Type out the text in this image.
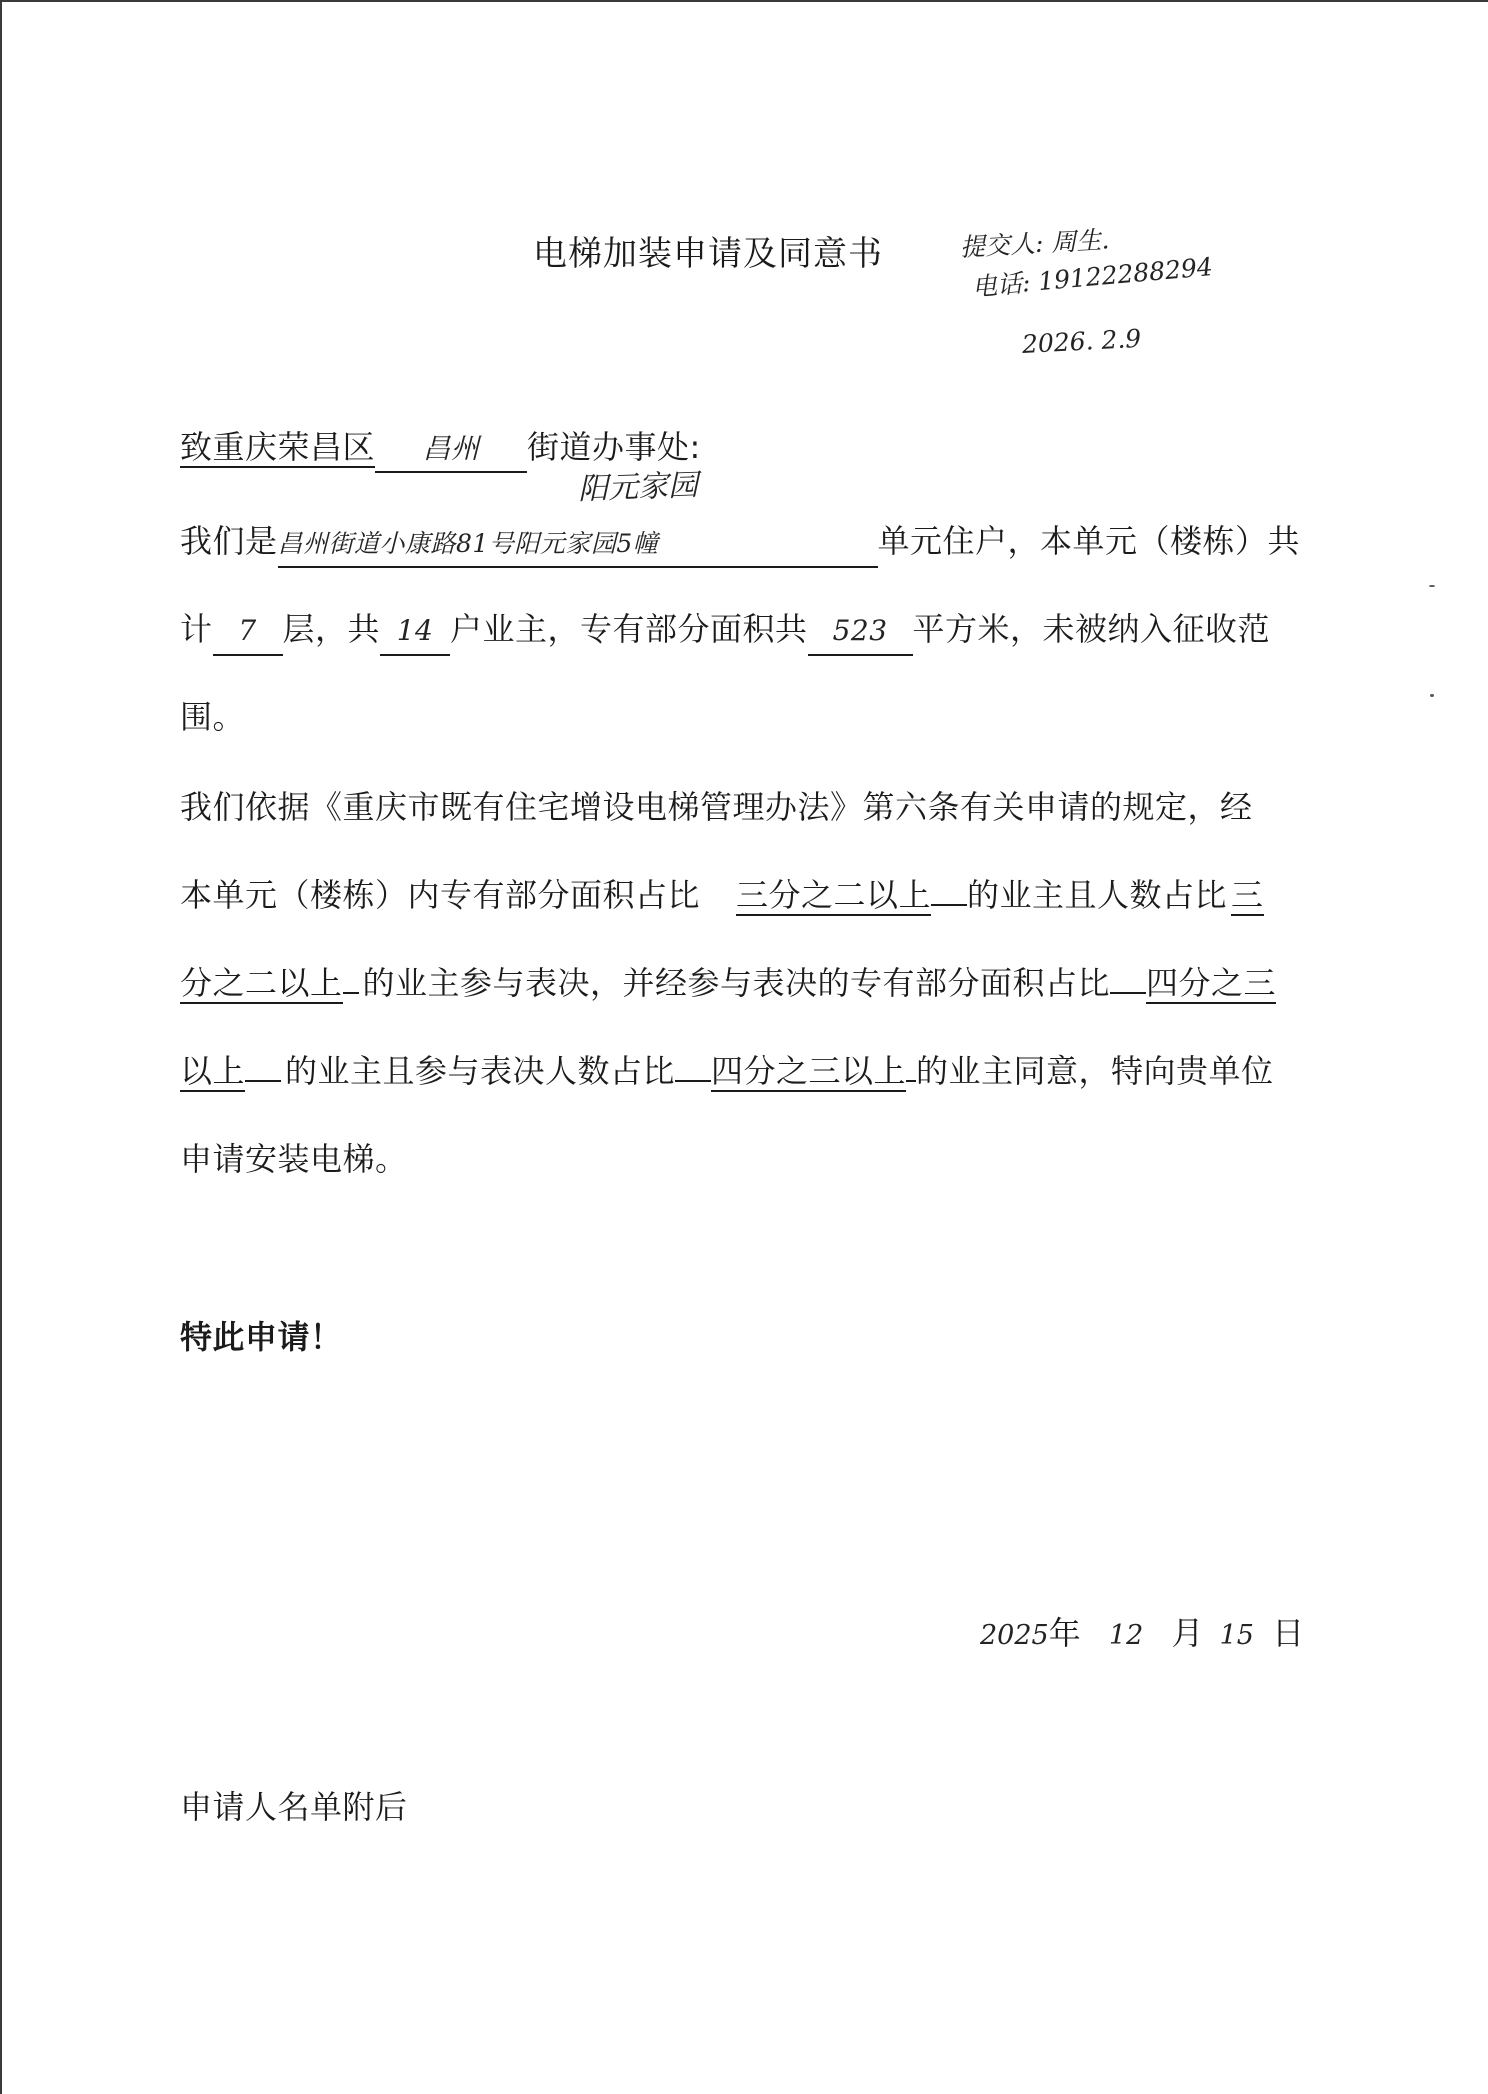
电梯加装申请及同意书	提交人: 周生.
电话: 19122288294
2026. 2.9
致重庆荣昌区 昌州 街道办事处:
阳元家园
我们是昌州街道小康路81号阳元家园5幢	单元住户，本单元（楼栋）共
计 7 层，共 14 户业主，专有部分面积共 523 平方米，未被纳入征收范
围。
我们依据《重庆市既有住宅增设电梯管理办法》第六条有关申请的规定，经
本单元（楼栋）内专有部分面积占比 三分之二以上 的业主且人数占比 三
分之二以上 的业主参与表决，并经参与表决的专有部分面积占比 四分之三
以上 的业主且参与表决人数占比 四分之三以上 的业主同意，特向贵单位
申请安装电梯。
特此申请！
2025年 12 月 15 日
申请人名单附后
